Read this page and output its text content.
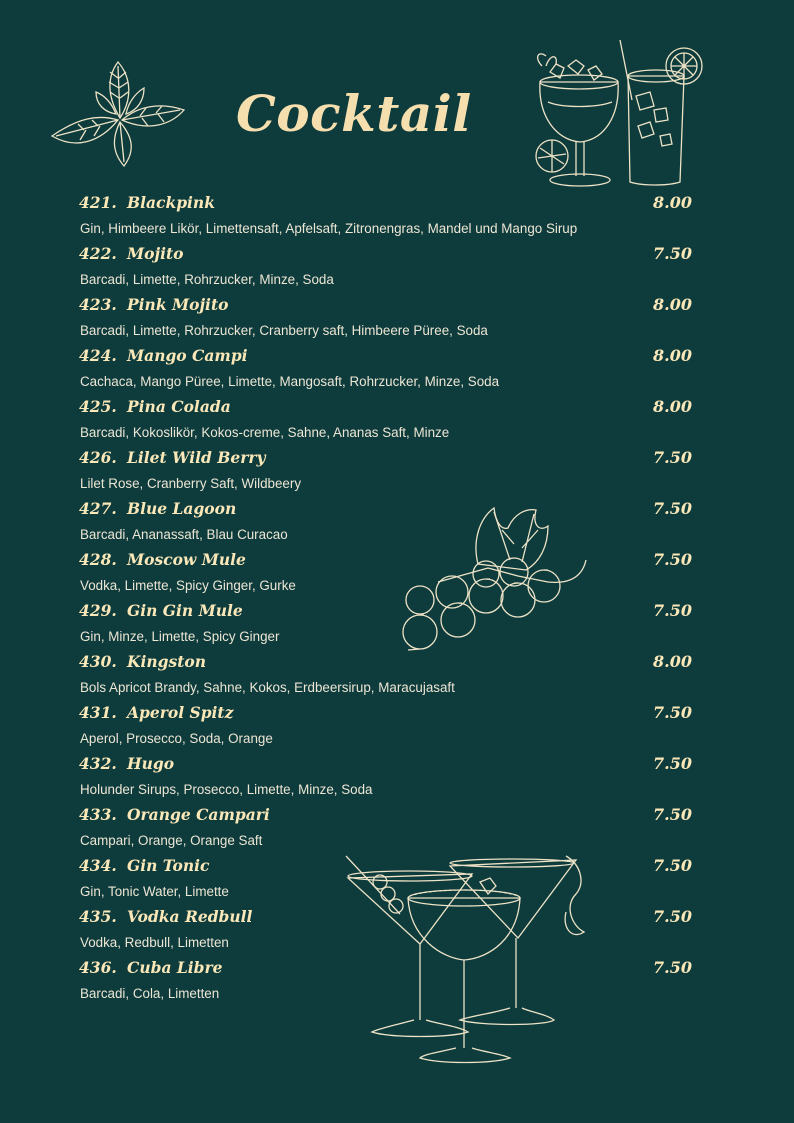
Cocktail
421. Blackpink	8.00
Gin, Himbeere Likör, Limettensaft, Apfelsaft, Zitronengras, Mandel und Mango Sirup
422. Mojito	7.50
Barcadi, Limette, Rohrzucker, Minze, Soda
423. Pink Mojito	8.00
Barcadi, Limette, Rohrzucker, Cranberry saft, Himbeere Püree, Soda
424. Mango Campi	8.00
Cachaca, Mango Püree, Limette, Mangosaft, Rohrzucker, Minze, Soda
425. Pina Colada	8.00
Barcadi, Kokoslikör, Kokos-creme, Sahne, Ananas Saft, Minze
426. Lilet Wild Berry	7.50
Lilet Rose, Cranberry Saft, Wildbeery
427. Blue Lagoon	7.50
Barcadi, Ananassaft, Blau Curacao
428. Moscow Mule	7.50
Vodka, Limette, Spicy Ginger, Gurke
429. Gin Gin Mule	7.50
Gin, Minze, Limette, Spicy Ginger
430. Kingston	8.00
Bols Apricot Brandy, Sahne, Kokos, Erdbeersirup, Maracujasaft
431. Aperol Spitz	7.50
Aperol, Prosecco, Soda, Orange
432. Hugo	7.50
Holunder Sirups, Prosecco, Limette, Minze, Soda
433. Orange Campari	7.50
Campari, Orange, Orange Saft
434. Gin Tonic	7.50
Gin, Tonic Water, Limette
435. Vodka Redbull	7.50
Vodka, Redbull, Limetten
436. Cuba Libre	7.50
Barcadi, Cola, Limetten
